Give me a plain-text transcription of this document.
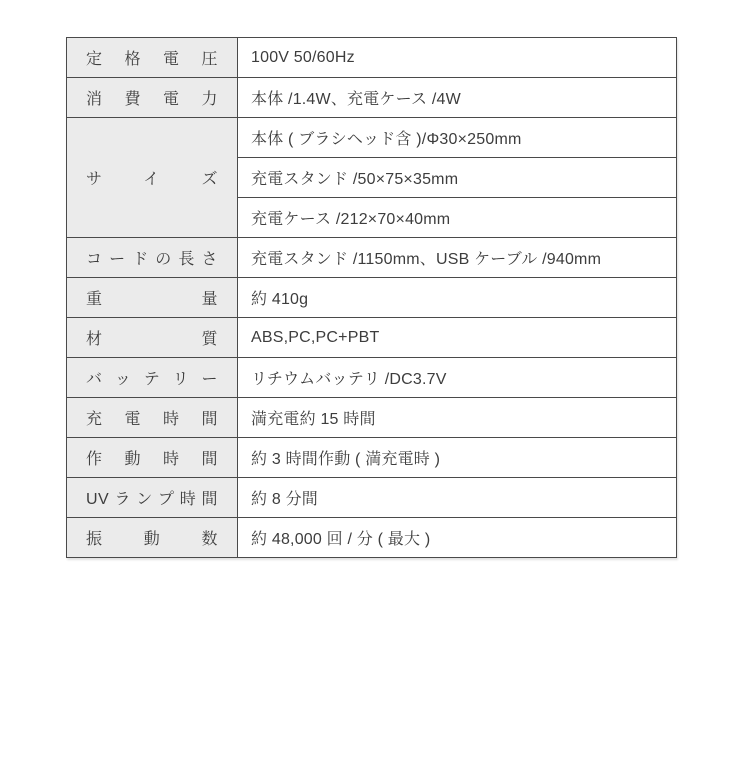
定格電圧	100V 50/60Hz

消費電力	本体 /1.4W、充電ケース /4W

サイズ	本体 ( ブラシヘッド含 )/Φ30×250mm
	充電スタンド /50×75×35mm
	充電ケース /212×70×40mm

コードの長さ	充電スタンド /1150mm、USB ケーブル /940mm

重量	約 410g

材質	ABS,PC,PC+PBT

バッテリー	リチウムバッテリ /DC3.7V

充電時間	満充電約 15 時間

作動時間	約 3 時間作動 ( 満充電時 )

UVランプ時間	約 8 分間

振動数	約 48,000 回 / 分 ( 最大 )
